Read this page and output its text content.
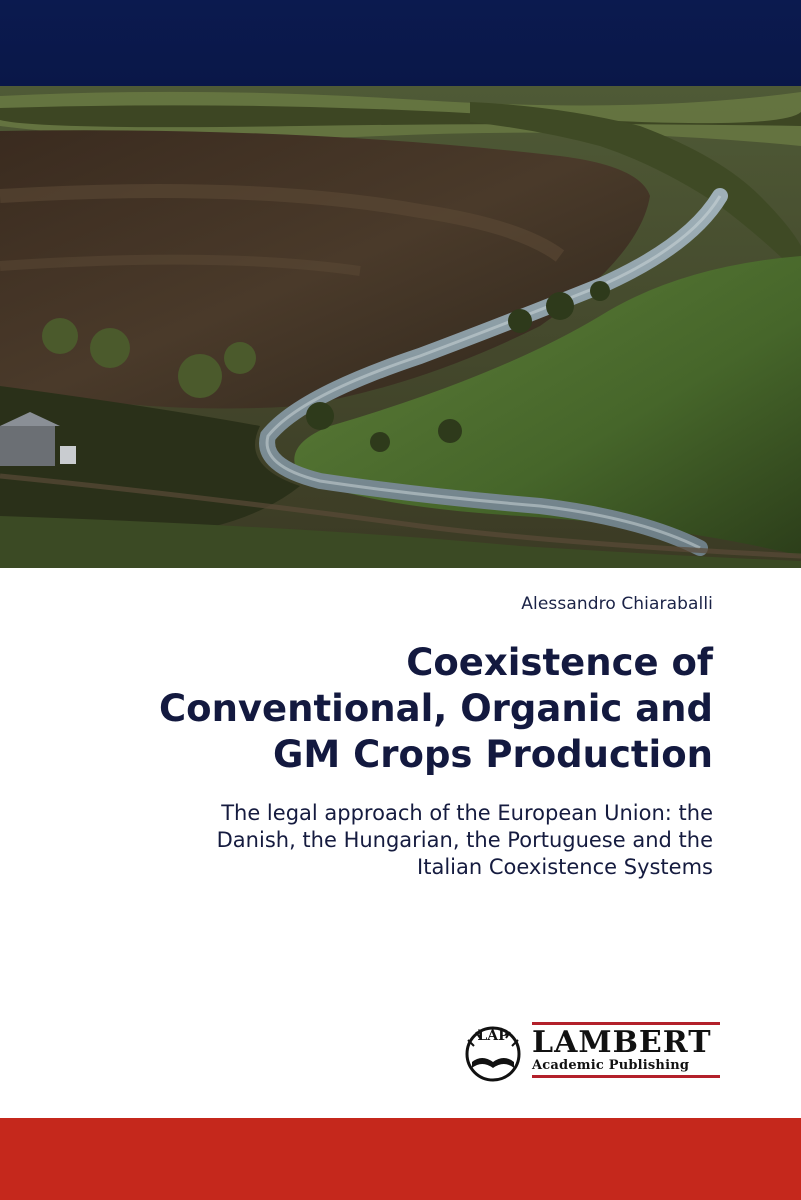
Alessandro Chiaraballi
Coexistence of
Conventional, Organic and
GM Crops Production
The legal approach of the European Union: the
Danish, the Hungarian, the Portuguese and the
Italian Coexistence Systems
LAP LAMBERT
Academic Publishing
